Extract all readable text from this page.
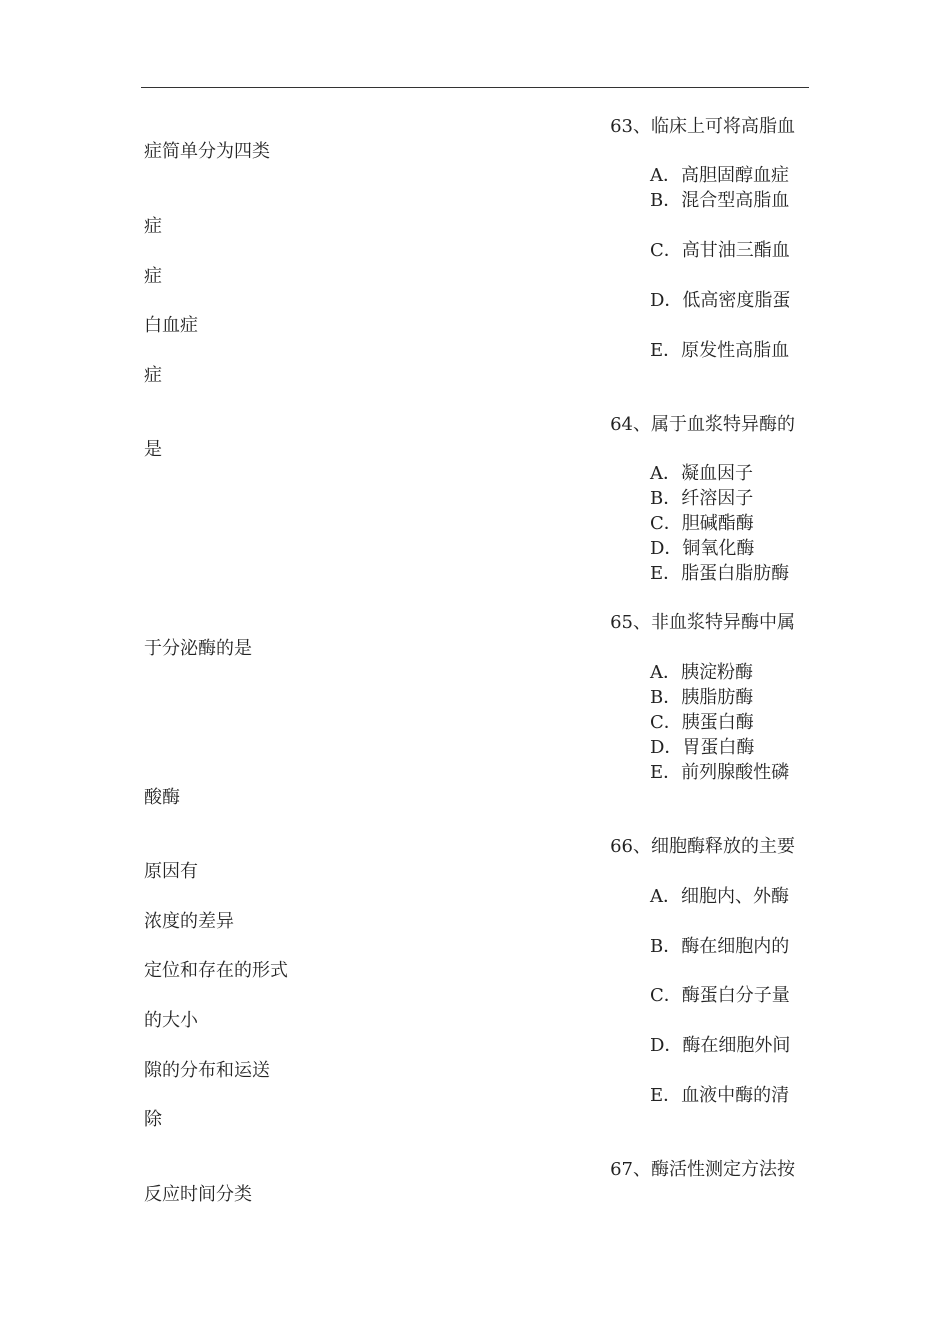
症简单分为四类
症
症
白血症
症
是
于分泌酶的是
酸酶
原因有
浓度的差异
定位和存在的形式
的大小
隙的分布和运送
除
反应时间分类
63、临床上可将高脂血
A．高胆固醇血症
B．混合型高脂血
C．高甘油三酯血
D．低高密度脂蛋
E．原发性高脂血
64、属于血浆特异酶的
A．凝血因子
B．纤溶因子
C．胆碱酯酶
D．铜氧化酶
E．脂蛋白脂肪酶
65、非血浆特异酶中属
A．胰淀粉酶
B．胰脂肪酶
C．胰蛋白酶
D．胃蛋白酶
E．前列腺酸性磷
66、细胞酶释放的主要
A．细胞内、外酶
B．酶在细胞内的
C．酶蛋白分子量
D．酶在细胞外间
E．血液中酶的清
67、酶活性测定方法按
